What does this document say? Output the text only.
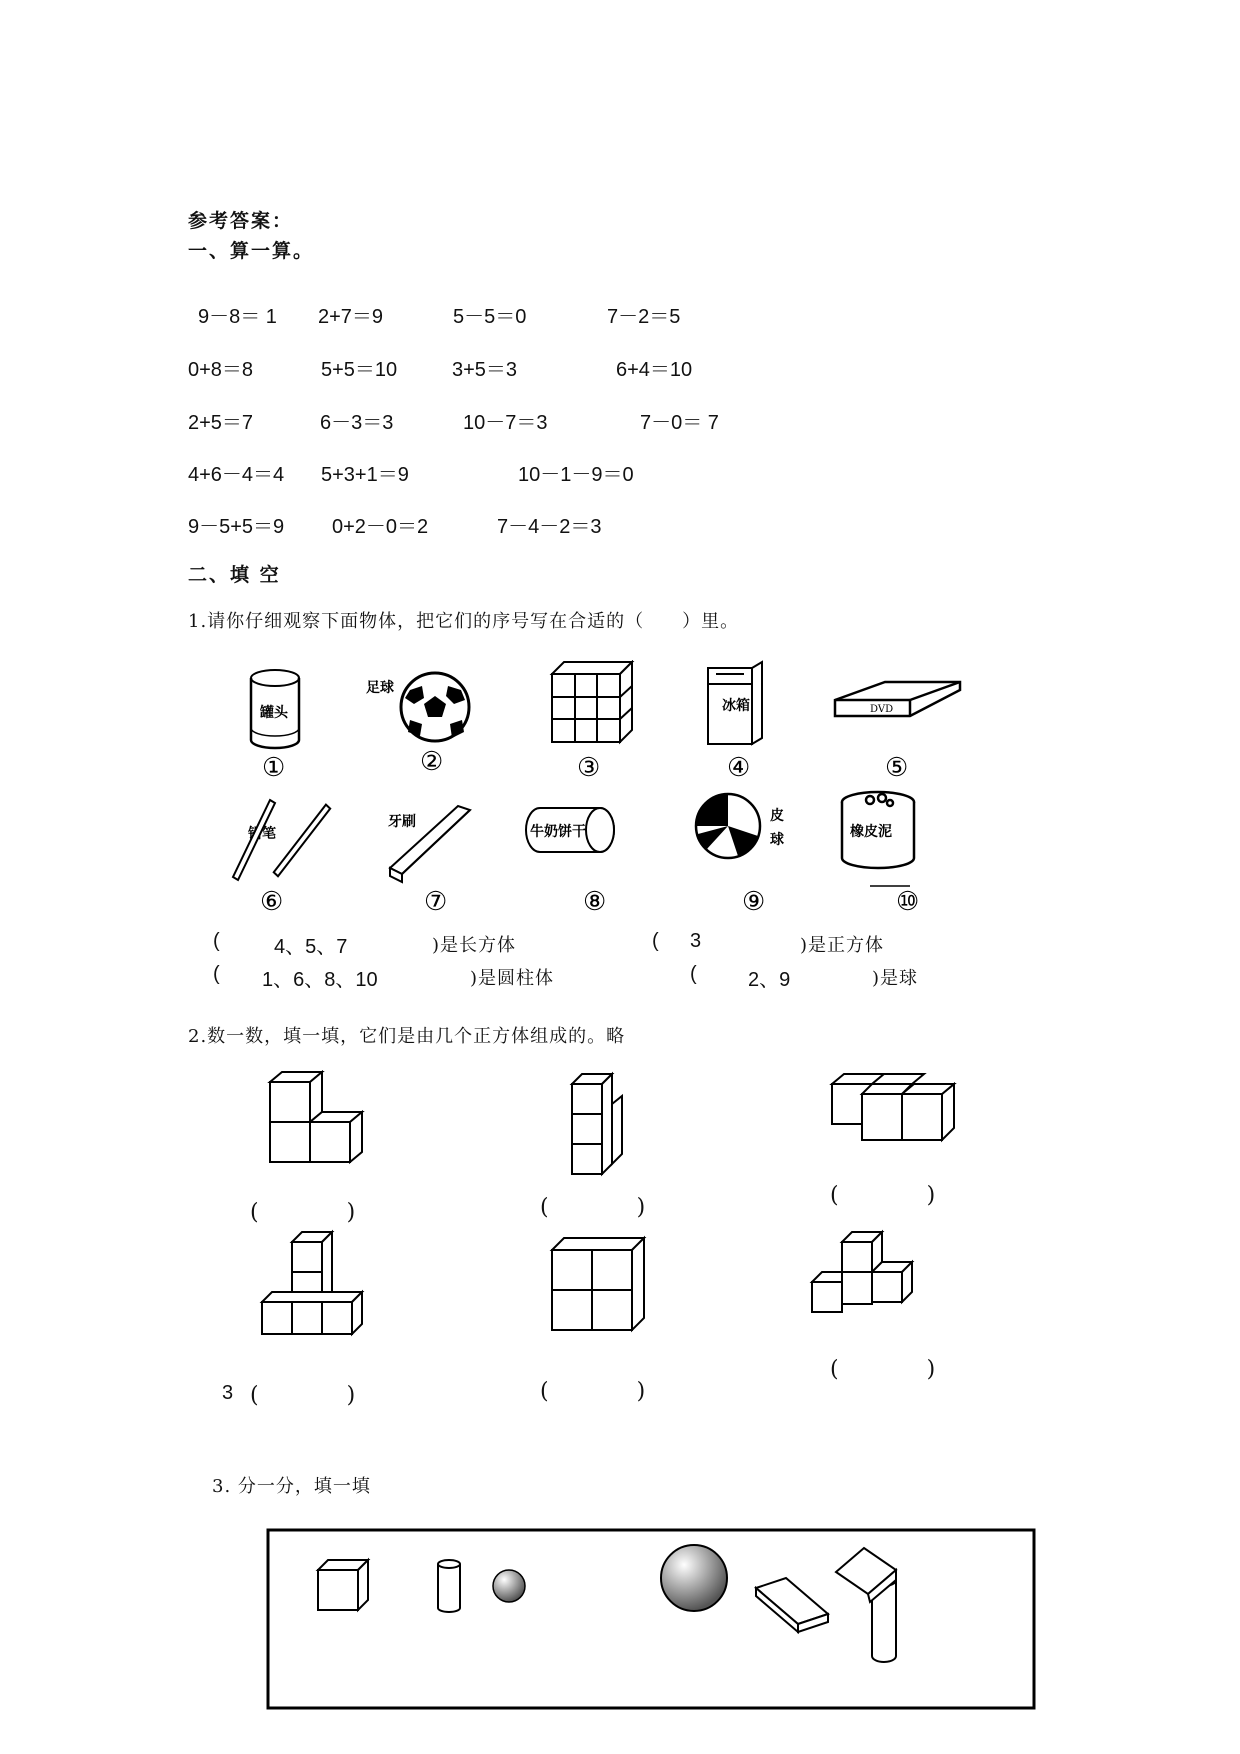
参考答案：
一、算一算。
9－8＝ 1 2+7＝9	5－5＝0	7－2＝5
0+8＝8	5+5＝10	3+5＝3	6+4＝10
2+5＝7	6－3＝3	10－7＝3	7－0＝ 7
4+6－4＝4 5+3+1＝9	10－1－9＝0
9－5+5＝9 0+2－0＝2	7－4－2＝3
二、填 空
1.请你仔细观察下面物体，把它们的序号写在合适的（　　）里。
罐头
足球
冰箱	DVD
①	②	③	④	⑤
铅笔
牙刷
牛奶饼干
皮
球	橡皮泥
⑥	⑦	⑧	⑨	⑩
(	4、5、7	)是长方体	( 3	)是正方体
( 1、6、8、10	)是圆柱体	(	2、9	)是球
2.数一数，填一填，它们是由几个正方体组成的。略
(　　　　)	(　　　　)	(　　　　)
3 (　　　　)	(　　　　)
(　　　　)
3. 分一分，填一填
